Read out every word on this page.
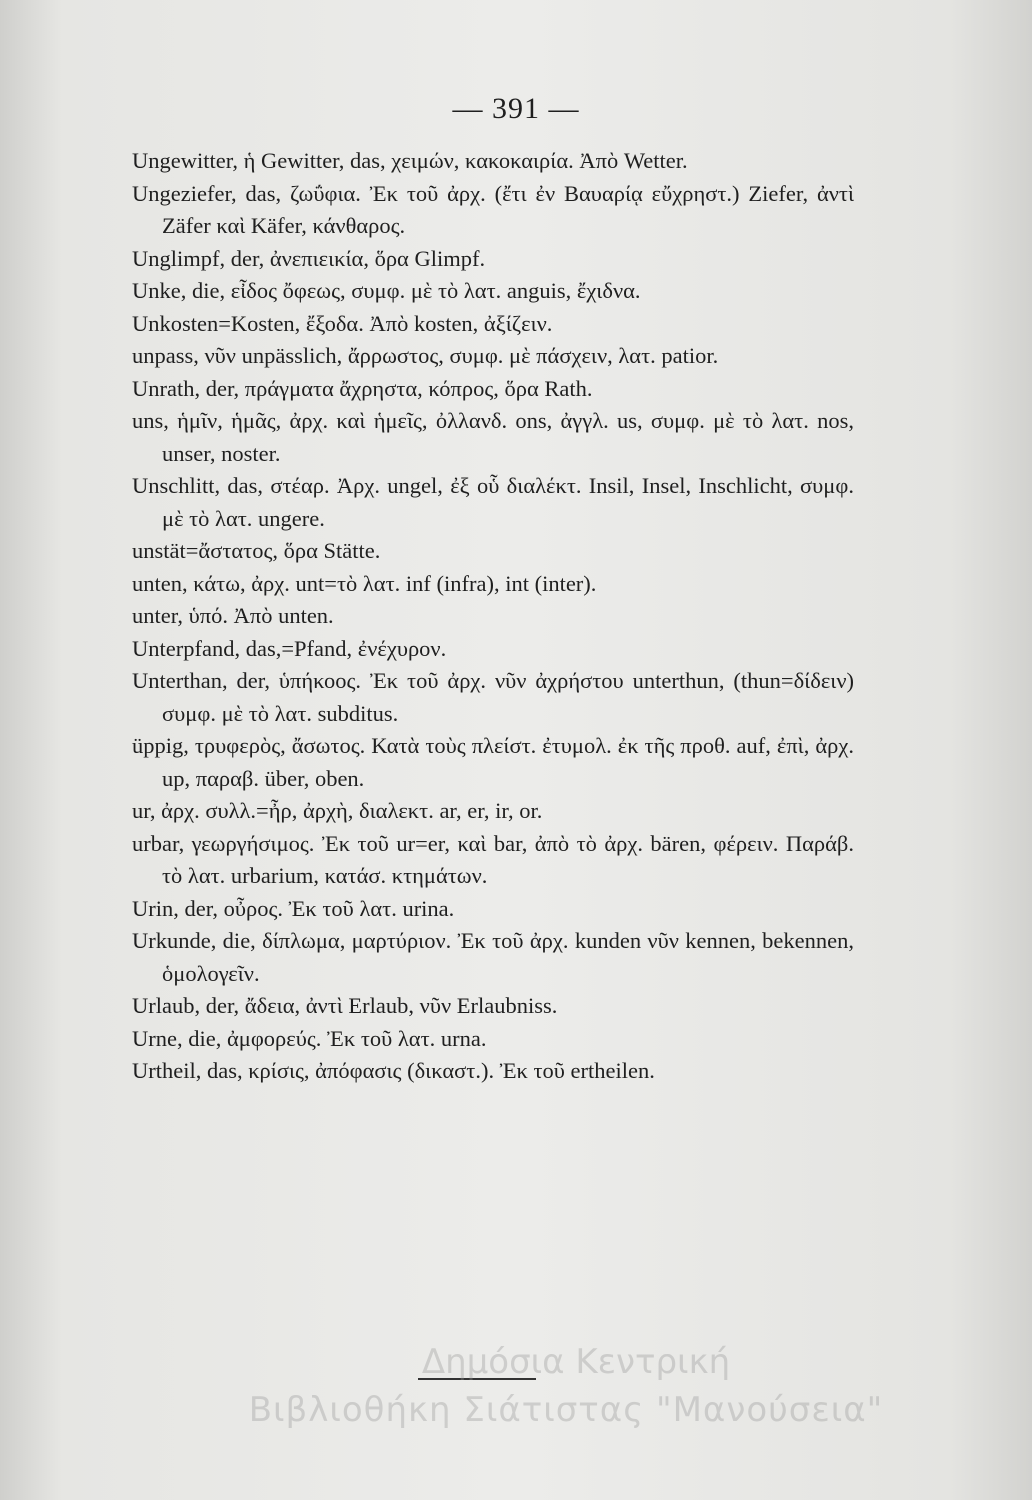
— 391 —
Ungewitter, ἡ Gewitter, das, χειμών, κακοκαιρία. Ἀπὸ Wetter.
Ungeziefer, das, ζωΰφια. Ἐκ τοῦ ἀρχ. (ἔτι ἐν Βαυαρίᾳ εὔχρηστ.) Ziefer, ἀντὶ Zäfer καὶ Käfer, κάνθαρος.
Unglimpf, der, ἀνεπιεικία, ὅρα Glimpf.
Unke, die, εἶδος ὄφεως, συμφ. μὲ τὸ λατ. anguis, ἔχιδνα.
Unkosten=Kosten, ἔξοδα. Ἀπὸ kosten, ἀξίζειν.
unpass, νῦν unpässlich, ἄρρωστος, συμφ. μὲ πάσχειν, λατ. patior.
Unrath, der, πράγματα ἄχρηστα, κόπρος, ὅρα Rath.
uns, ἡμῖν, ἡμᾶς, ἀρχ. καὶ ἡμεῖς, ὀλλανδ. ons, ἀγγλ. us, συμφ. μὲ τὸ λατ. nos, unser, noster.
Unschlitt, das, στέαρ. Ἀρχ. ungel, ἐξ οὗ διαλέκτ. Insil, Insel, Inschlicht, συμφ. μὲ τὸ λατ. ungere.
unstät=ἄστατος, ὅρα Stätte.
unten, κάτω, ἀρχ. unt=τὸ λατ. inf (infra), int (inter).
unter, ὑπό. Ἀπὸ unten.
Unterpfand, das,=Pfand, ἐνέχυρον.
Unterthan, der, ὑπήκοος. Ἐκ τοῦ ἀρχ. νῦν ἀχρήστου unterthun, (thun=δίδειν) συμφ. μὲ τὸ λατ. subditus.
üppig, τρυφερὸς, ἄσωτος. Κατὰ τοὺς πλείστ. ἐτυμολ. ἐκ τῆς προθ. auf, ἐπὶ, ἀρχ. up, παραβ. über, oben.
ur, ἀρχ. συλλ.=ἦρ, ἀρχὴ, διαλεκτ. ar, er, ir, or.
urbar, γεωργήσιμος. Ἐκ τοῦ ur=er, καὶ bar, ἀπὸ τὸ ἀρχ. bären, φέρειν. Παράβ. τὸ λατ. urbarium, κατάσ. κτημάτων.
Urin, der, οὖρος. Ἐκ τοῦ λατ. urina.
Urkunde, die, δίπλωμα, μαρτύριον. Ἐκ τοῦ ἀρχ. kunden νῦν kennen, bekennen, ὁμολογεῖν.
Urlaub, der, ἄδεια, ἀντὶ Erlaub, νῦν Erlaubniss.
Urne, die, ἀμφορεύς. Ἐκ τοῦ λατ. urna.
Urtheil, das, κρίσις, ἀπόφασις (δικαστ.). Ἐκ τοῦ ertheilen.
Δημόσια Κεντρική
Βιβλιοθήκη Σιάτιστας "Μανούσεια"
